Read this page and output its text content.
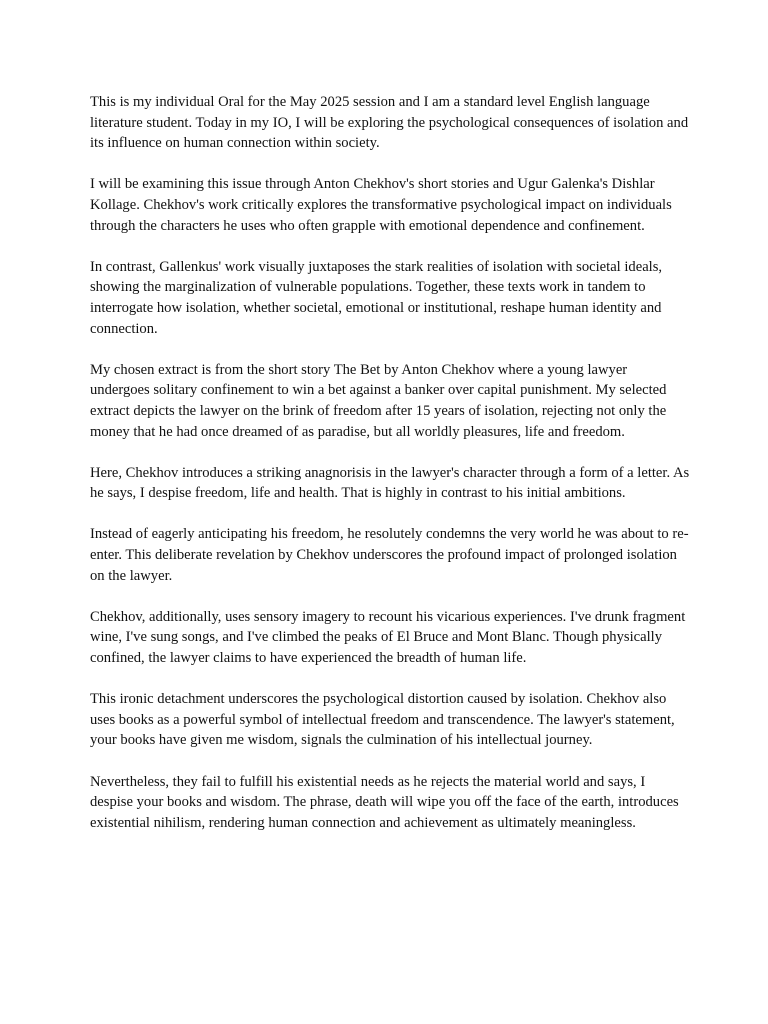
This is my individual Oral for the May 2025 session and I am a standard level English language literature student. Today in my IO, I will be exploring the psychological consequences of isolation and its influence on human connection within society.

I will be examining this issue through Anton Chekhov's short stories and Ugur Galenka's Dishlar Kollage. Chekhov's work critically explores the transformative psychological impact on individuals through the characters he uses who often grapple with emotional dependence and confinement.

In contrast, Gallenkus' work visually juxtaposes the stark realities of isolation with societal ideals, showing the marginalization of vulnerable populations. Together, these texts work in tandem to interrogate how isolation, whether societal, emotional or institutional, reshape human identity and connection.

My chosen extract is from the short story The Bet by Anton Chekhov where a young lawyer undergoes solitary confinement to win a bet against a banker over capital punishment. My selected extract depicts the lawyer on the brink of freedom after 15 years of isolation, rejecting not only the money that he had once dreamed of as paradise, but all worldly pleasures, life and freedom.

Here, Chekhov introduces a striking anagnorisis in the lawyer's character through a form of a letter. As he says, I despise freedom, life and health. That is highly in contrast to his initial ambitions.

Instead of eagerly anticipating his freedom, he resolutely condemns the very world he was about to re-enter. This deliberate revelation by Chekhov underscores the profound impact of prolonged isolation on the lawyer.

Chekhov, additionally, uses sensory imagery to recount his vicarious experiences. I've drunk fragment wine, I've sung songs, and I've climbed the peaks of El Bruce and Mont Blanc. Though physically confined, the lawyer claims to have experienced the breadth of human life.

This ironic detachment underscores the psychological distortion caused by isolation. Chekhov also uses books as a powerful symbol of intellectual freedom and transcendence. The lawyer's statement, your books have given me wisdom, signals the culmination of his intellectual journey.

Nevertheless, they fail to fulfill his existential needs as he rejects the material world and says, I despise your books and wisdom. The phrase, death will wipe you off the face of the earth, introduces existential nihilism, rendering human connection and achievement as ultimately meaningless.
